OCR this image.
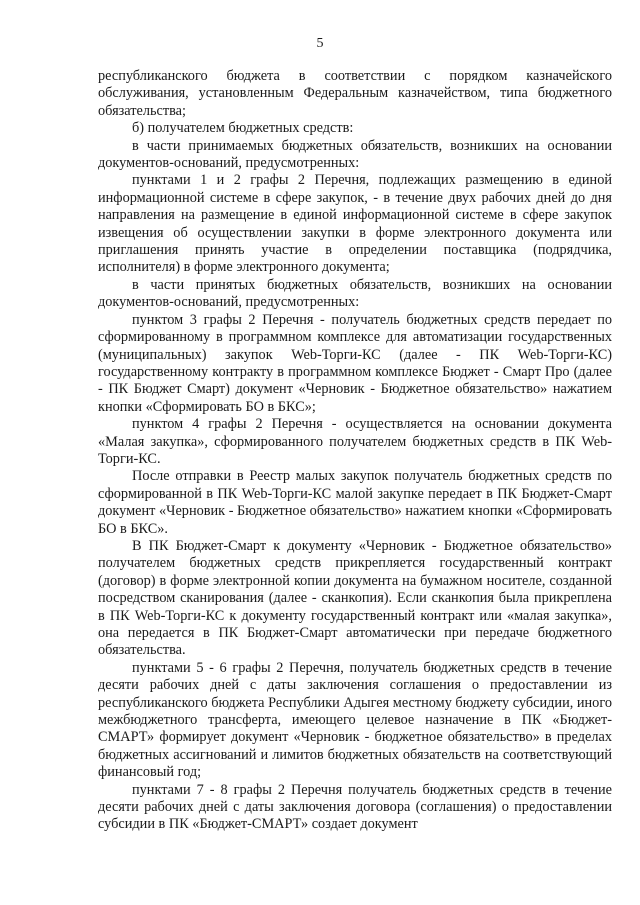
5

республиканского бюджета в соответствии с порядком казначейского обслуживания, установленным Федеральным казначейством, типа бюджетного обязательства;

б) получателем бюджетных средств:

в части принимаемых бюджетных обязательств, возникших на основании документов-оснований, предусмотренных:

пунктами 1 и 2 графы 2 Перечня, подлежащих размещению в единой информационной системе в сфере закупок, - в течение двух рабочих дней до дня направления на размещение в единой информационной системе в сфере закупок извещения об осуществлении закупки в форме электронного документа или приглашения принять участие в определении поставщика (подрядчика, исполнителя) в форме электронного документа;

в части принятых бюджетных обязательств, возникших на основании документов-оснований, предусмотренных:

пунктом 3 графы 2 Перечня - получатель бюджетных средств передает по сформированному в программном комплексе для автоматизации государственных (муниципальных) закупок Web-Торги-КС (далее - ПК Web-Торги-КС) государственному контракту в программном комплексе Бюджет - Смарт Про (далее - ПК Бюджет Смарт) документ «Черновик - Бюджетное обязательство» нажатием кнопки «Сформировать БО в БКС»;

пунктом 4 графы 2 Перечня - осуществляется на основании документа «Малая закупка», сформированного получателем бюджетных средств в ПК Web-Торги-КС.

После отправки в Реестр малых закупок получатель бюджетных средств по сформированной в ПК Web-Торги-КС малой закупке передает в ПК Бюджет-Смарт документ «Черновик - Бюджетное обязательство» нажатием кнопки «Сформировать БО в БКС».

В ПК Бюджет-Смарт к документу «Черновик - Бюджетное обязательство» получателем бюджетных средств прикрепляется государственный контракт (договор) в форме электронной копии документа на бумажном носителе, созданной посредством сканирования (далее - сканкопия). Если сканкопия была прикреплена в ПК Web-Торги-КС к документу государственный контракт или «малая закупка», она передается в ПК Бюджет-Смарт автоматически при передаче бюджетного обязательства.

пунктами 5 - 6 графы 2 Перечня, получатель бюджетных средств в течение десяти рабочих дней с даты заключения соглашения о предоставлении из республиканского бюджета Республики Адыгея местному бюджету субсидии, иного межбюджетного трансферта, имеющего целевое назначение в ПК «Бюджет-СМАРТ» формирует документ «Черновик - бюджетное обязательство» в пределах бюджетных ассигнований и лимитов бюджетных обязательств на соответствующий финансовый год;

пунктами 7 - 8 графы 2 Перечня получатель бюджетных средств в течение десяти рабочих дней с даты заключения договора (соглашения) о предоставлении субсидии в ПК «Бюджет-СМАРТ» создает документ
